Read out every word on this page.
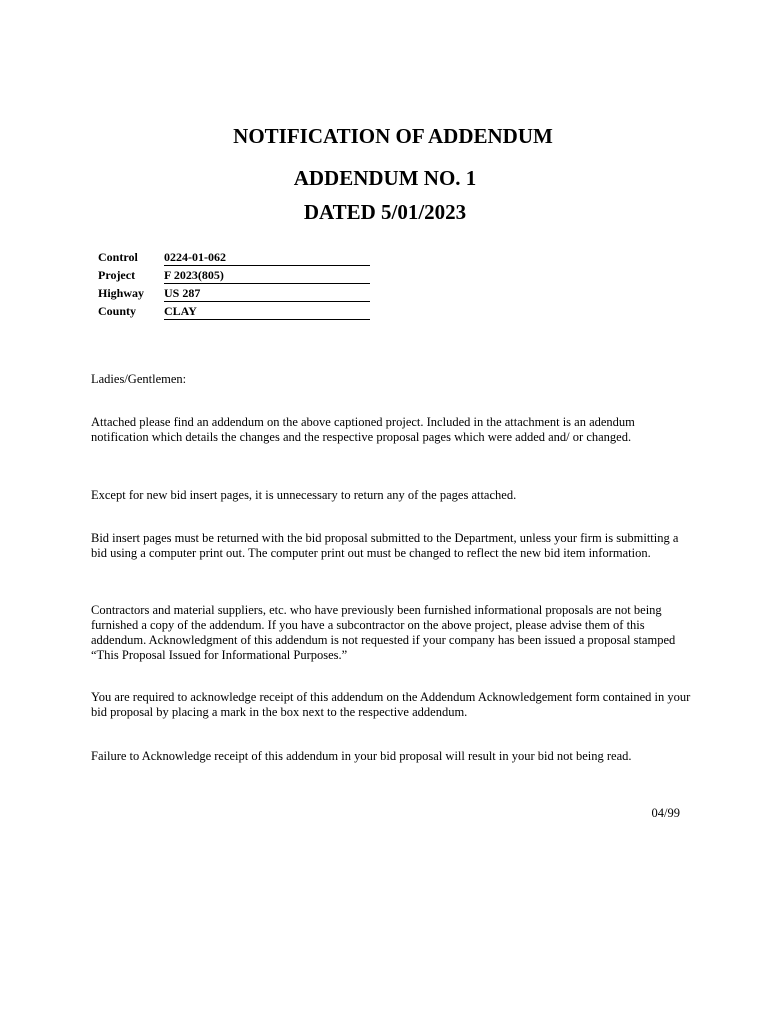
NOTIFICATION OF ADDENDUM
ADDENDUM NO. 1
DATED 5/01/2023
Control 0224-01-062
Project F 2023(805)
Highway US 287
County CLAY

Ladies/Gentlemen:

Attached please find an addendum on the above captioned project. Included in the attachment is an adendum notification which details the changes and the respective proposal pages which were added and/ or changed.

Except for new bid insert pages, it is unnecessary to return any of the pages attached.

Bid insert pages must be returned with the bid proposal submitted to the Department, unless your firm is submitting a bid using a computer print out. The computer print out must be changed to reflect the new bid item information.

Contractors and material suppliers, etc. who have previously been furnished informational proposals are not being furnished a copy of the addendum. If you have a subcontractor on the above project, please advise them of this addendum. Acknowledgment of this addendum is not requested if your company has been issued a proposal stamped “This Proposal Issued for Informational Purposes.”

You are required to acknowledge receipt of this addendum on the Addendum Acknowledgement form contained in your bid proposal by placing a mark in the box next to the respective addendum.

Failure to Acknowledge receipt of this addendum in your bid proposal will result in your bid not being read.

04/99
